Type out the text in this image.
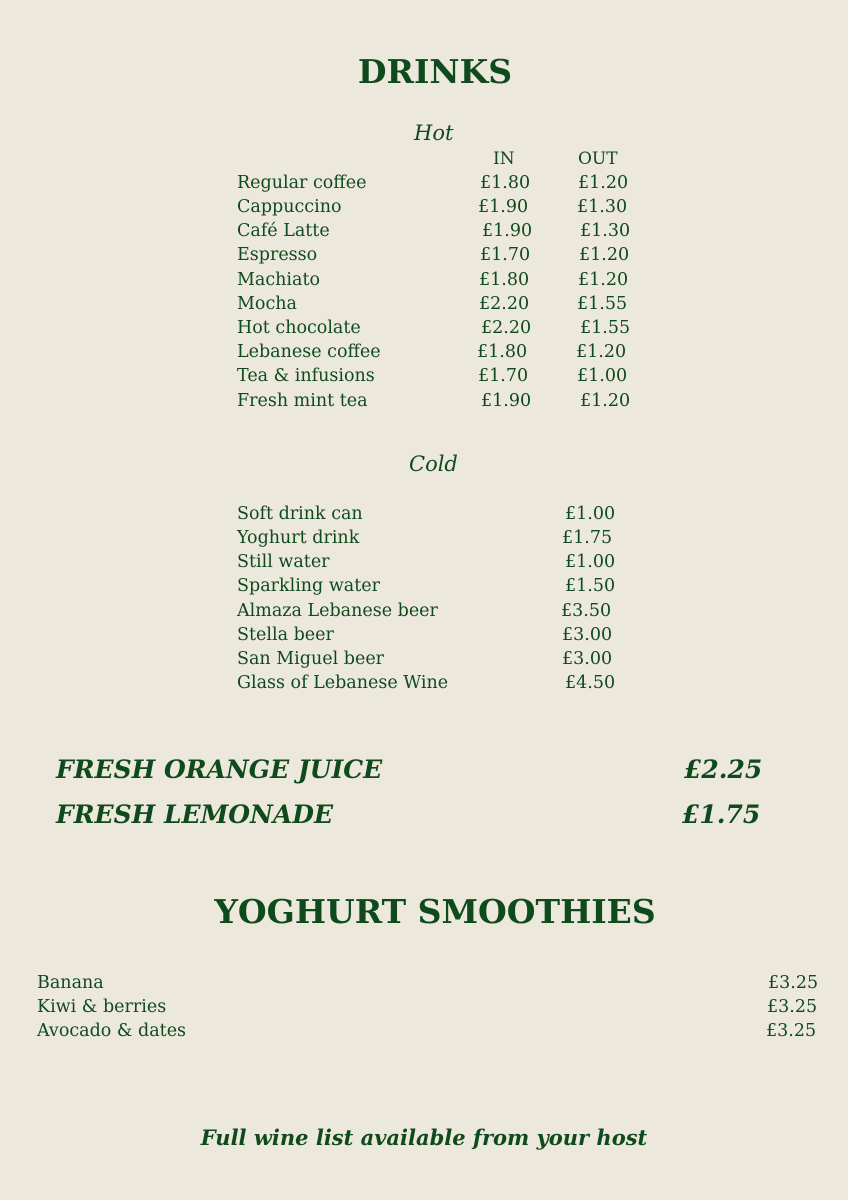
DRINKS
Hot
IN	OUT
Regular coffee	£1.80	£1.20
Cappuccino	£1.90	£1.30
Café Latte	£1.90	£1.30
Espresso	£1.70	£1.20
Machiato	£1.80	£1.20
Mocha	£2.20	£1.55
Hot chocolate	£2.20	£1.55
Lebanese coffee	£1.80	£1.20
Tea & infusions	£1.70	£1.00
Fresh mint tea	£1.90	£1.20
Cold
Soft drink can	£1.00
Yoghurt drink	£1.75
Still water	£1.00
Sparkling water	£1.50
Almaza Lebanese beer	£3.50
Stella beer	£3.00
San Miguel beer	£3.00
Glass of Lebanese Wine	£4.50
FRESH ORANGE JUICE	£2.25
FRESH LEMONADE	£1.75
YOGHURT SMOOTHIES
Banana	£3.25
Kiwi & berries	£3.25
Avocado & dates	£3.25
Full wine list available from your host
